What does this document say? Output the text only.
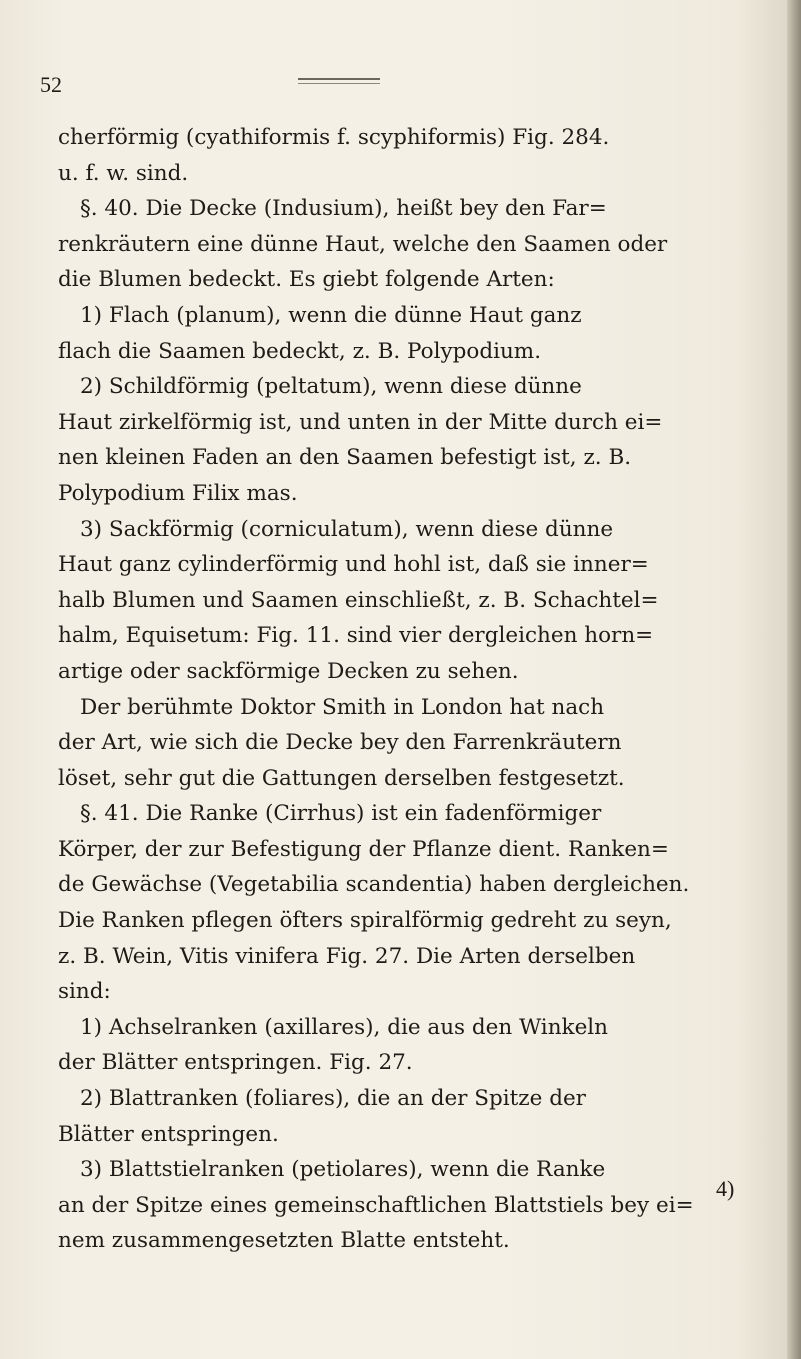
52
cherförmig (cyathiformis f. scyphiformis) Fig. 284.
u. f. w. sind.
§. 40. Die Decke (Indusium), heißt bey den Far=
renkräutern eine dünne Haut, welche den Saamen oder
die Blumen bedeckt. Es giebt folgende Arten:
1) Flach (planum), wenn die dünne Haut ganz
flach die Saamen bedeckt, z. B. Polypodium.
2) Schildförmig (peltatum), wenn diese dünne
Haut zirkelförmig ist, und unten in der Mitte durch ei=
nen kleinen Faden an den Saamen befestigt ist, z. B.
Polypodium Filix mas.
3) Sackförmig (corniculatum), wenn diese dünne
Haut ganz cylinderförmig und hohl ist, daß sie inner=
halb Blumen und Saamen einschließt, z. B. Schachtel=
halm, Equisetum: Fig. 11. sind vier dergleichen horn=
artige oder sackförmige Decken zu sehen.
Der berühmte Doktor Smith in London hat nach
der Art, wie sich die Decke bey den Farrenkräutern
löset, sehr gut die Gattungen derselben festgesetzt.
§. 41. Die Ranke (Cirrhus) ist ein fadenförmiger
Körper, der zur Befestigung der Pflanze dient. Ranken=
de Gewächse (Vegetabilia scandentia) haben dergleichen.
Die Ranken pflegen öfters spiralförmig gedreht zu seyn,
z. B. Wein, Vitis vinifera Fig. 27. Die Arten derselben
sind:
1) Achselranken (axillares), die aus den Winkeln
der Blätter entspringen. Fig. 27.
2) Blattranken (foliares), die an der Spitze der
Blätter entspringen.
3) Blattstielranken (petiolares), wenn die Ranke
an der Spitze eines gemeinschaftlichen Blattstiels bey ei=
nem zusammengesetzten Blatte entsteht.
4)
